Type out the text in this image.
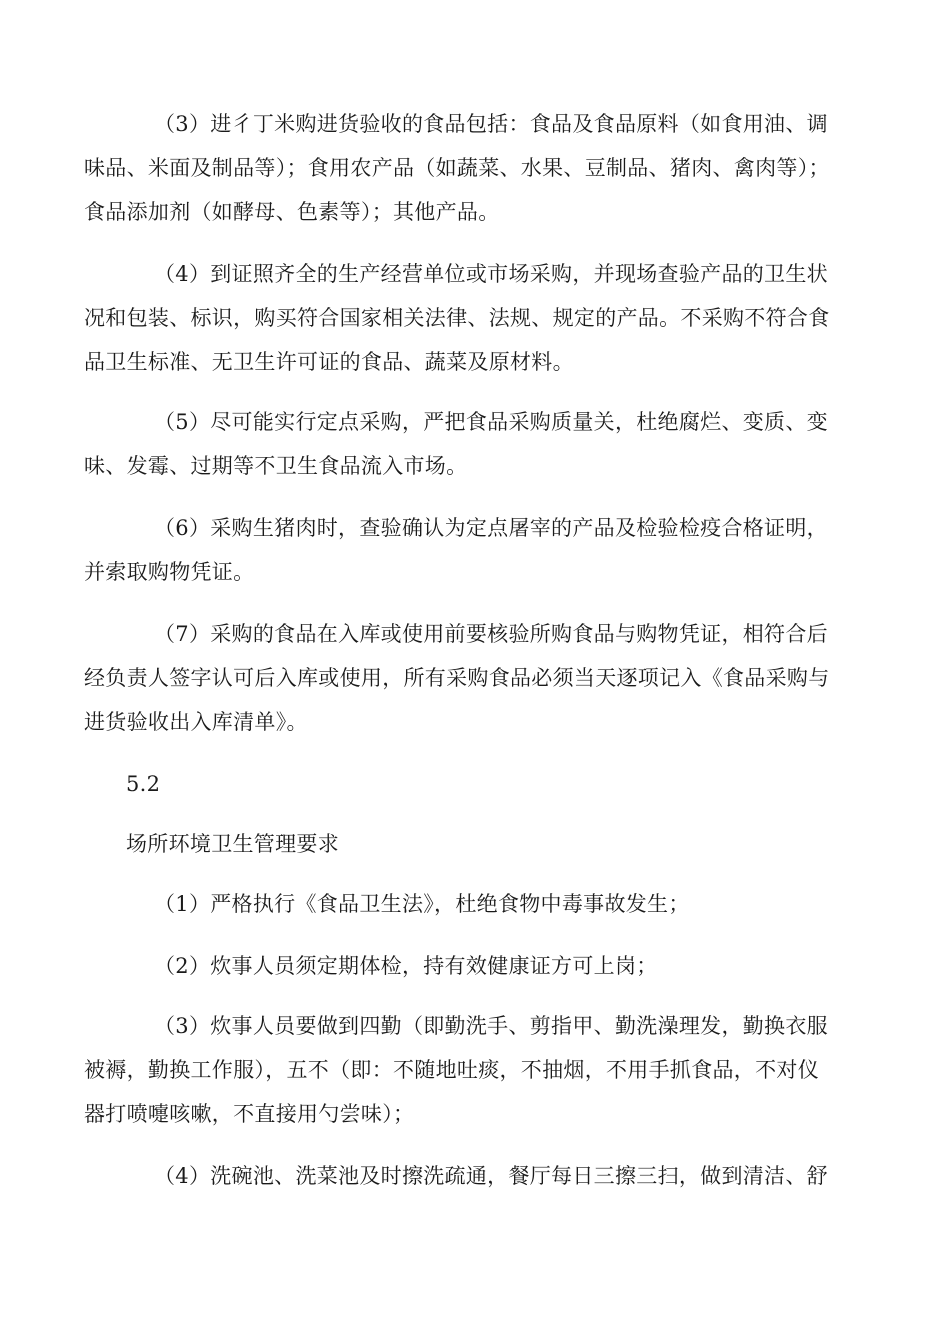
（3）进彳丁米购进货验收的食品包括：食品及食品原料（如食用油、调
味品、米面及制品等）；食用农产品（如蔬菜、水果、豆制品、猪肉、禽肉等）；
食品添加剂（如酵母、色素等）；其他产品。
（4）到证照齐全的生产经营单位或市场采购，并现场查验产品的卫生状
况和包装、标识，购买符合国家相关法律、法规、规定的产品。不采购不符合食
品卫生标准、无卫生许可证的食品、蔬菜及原材料。
（5）尽可能实行定点采购，严把食品采购质量关，杜绝腐烂、变质、变
味、发霉、过期等不卫生食品流入市场。
（6）采购生猪肉时，查验确认为定点屠宰的产品及检验检疫合格证明，
并索取购物凭证。
（7）采购的食品在入库或使用前要核验所购食品与购物凭证，相符合后
经负责人签字认可后入库或使用，所有采购食品必须当天逐项记入《食品采购与
进货验收出入库清单》。
5.2
场所环境卫生管理要求
（1）严格执行《食品卫生法》，杜绝食物中毒事故发生；
（2）炊事人员须定期体检，持有效健康证方可上岗；
（3）炊事人员要做到四勤（即勤洗手、剪指甲、勤洗澡理发，勤换衣服
被褥，勤换工作服），五不（即：不随地吐痰，不抽烟，不用手抓食品，不对仪
器打喷嚏咳嗽，不直接用勺尝味）；
（4）洗碗池、洗菜池及时擦洗疏通，餐厅每日三擦三扫，做到清洁、舒
